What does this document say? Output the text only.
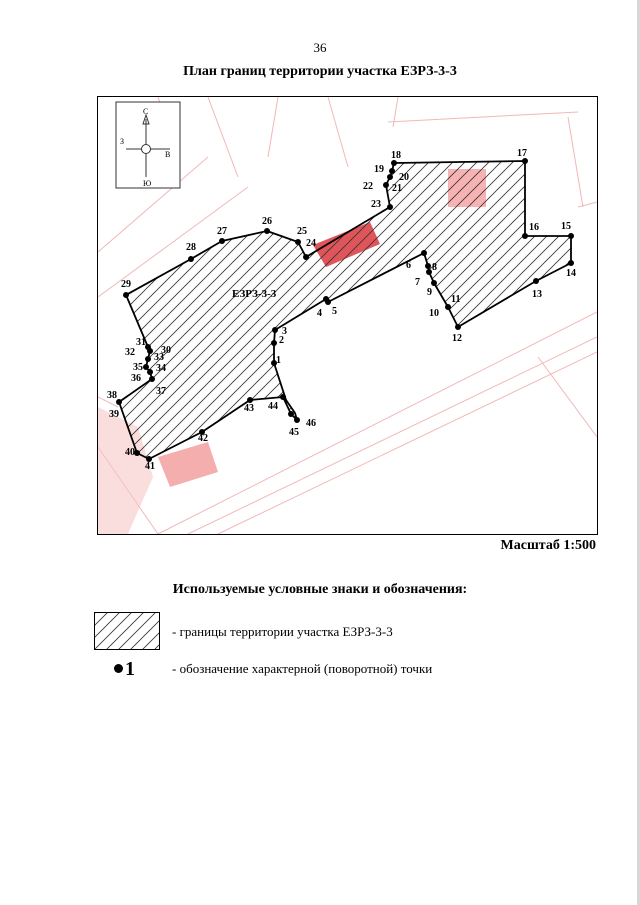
36
План границ территории участка ЕЗРЗ-3-3
1
2
3
4 5
6
7
8
9
10
11
12
13
14
15
16
17
18
19
20
21
22
23
24
25
26
27
28
29
30
31
32 33
34
35
36
37
38
39
40
41
42
43 44
45
46
ЕЗРЗ-3-3
С
Ю
З
В
Масштаб 1:500
Используемые условные знаки и обозначения:
- границы территории участка ЕЗРЗ-3-3
1	- обозначение характерной (поворотной) точки
